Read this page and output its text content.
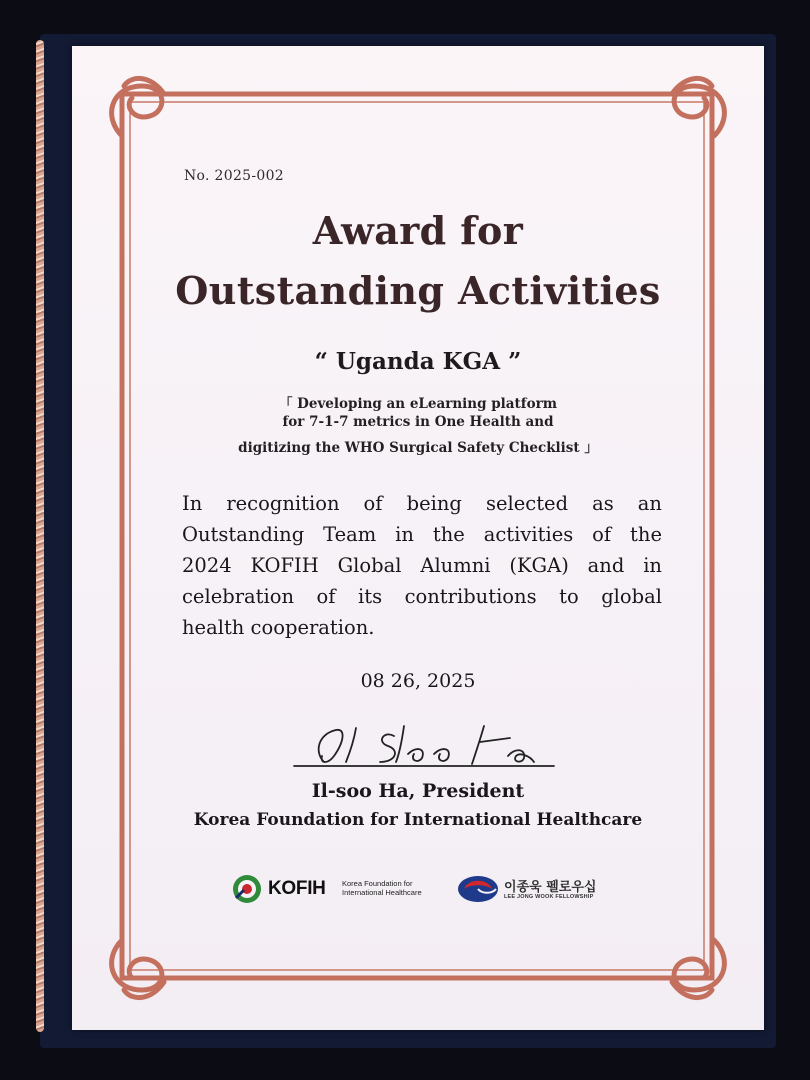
No. 2025-002
Award for
Outstanding Activities
“ Uganda KGA ”
「 Developing an eLearning platform
for 7-1-7 metrics in One Health and
digitizing the WHO Surgical Safety Checklist 」
In recognition of being selected as an
Outstanding Team in the activities of the
2024 KOFIH Global Alumni (KGA) and in
celebration of its contributions to global
health cooperation.
08 26, 2025
Il-soo Ha, President
Korea Foundation for International Healthcare
KOFIH Korea Foundation for
International Healthcare	이종욱 펠로우십
LEE JONG WOOK FELLOWSHIP
